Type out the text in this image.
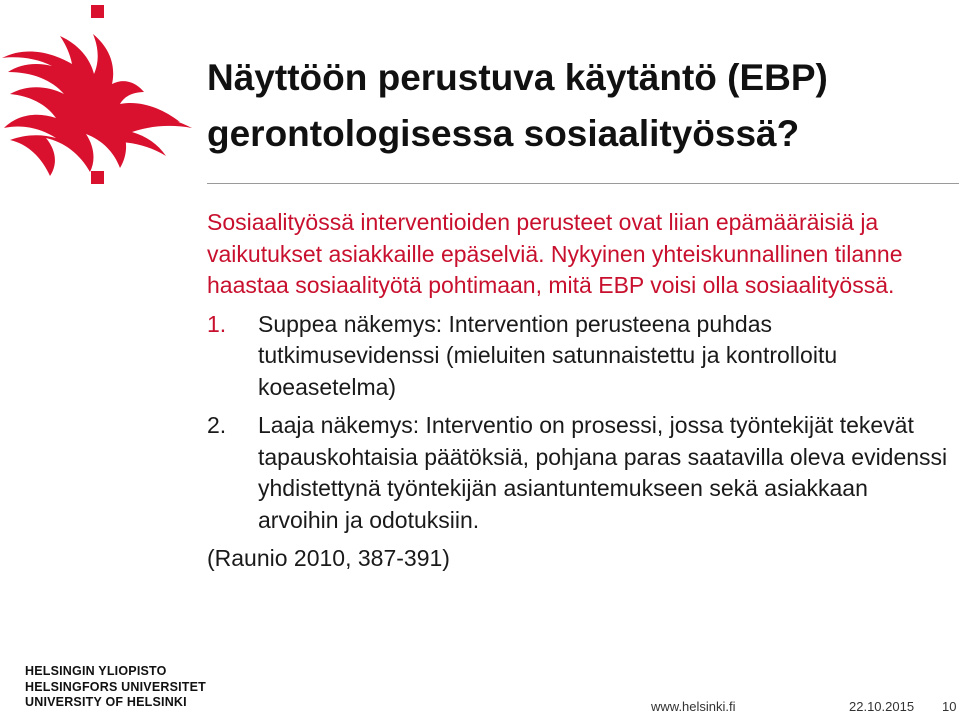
Näyttöön perustuva käytäntö (EBP)
gerontologisessa sosiaalityössä?

Sosiaalityössä interventioiden perusteet ovat liian epämääräisiä ja vaikutukset asiakkaille epäselviä. Nykyinen yhteiskunnallinen tilanne haastaa sosiaalityötä pohtimaan, mitä EBP voisi olla sosiaalityössä.

1.	Suppea näkemys: Intervention perusteena puhdas tutkimusevidenssi (mieluiten satunnaistettu ja kontrolloitu koeasetelma)
2.	Laaja näkemys: Interventio on prosessi, jossa työntekijät tekevät tapauskohtaisia päätöksiä, pohjana paras saatavilla oleva evidenssi yhdistettynä työntekijän asiantuntemukseen sekä asiakkaan arvoihin ja odotuksiin.

(Raunio 2010, 387-391)

HELSINGIN YLIOPISTO
HELSINGFORS UNIVERSITET
UNIVERSITY OF HELSINKI	www.helsinki.fi	22.10.2015 10
